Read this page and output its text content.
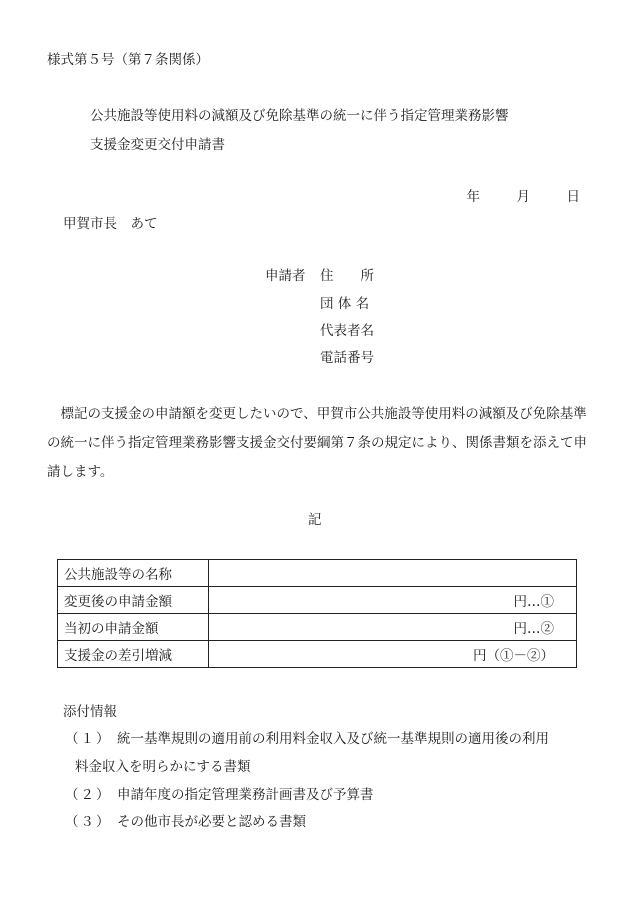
様式第５号（第７条関係）
公共施設等使用料の減額及び免除基準の統一に伴う指定管理業務影響
支援金変更交付申請書
年	月	日
甲賀市長　あて
申請者 住　　所
団 体 名
代表者名
電話番号
標記の支援金の申請額を変更したいので、甲賀市公共施設等使用料の減額及び免除基準の統一に伴う指定管理業務影響支援金交付要綱第７条の規定により、関係書類を添えて申請します。
記
公共施設等の名称	
変更後の申請金額	円…①
当初の申請金額	円…②
支援金の差引増減	円（①－②）
添付情報
（１） 統一基準規則の適用前の利用料金収入及び統一基準規則の適用後の利用
料金収入を明らかにする書類
（２） 申請年度の指定管理業務計画書及び予算書
（３） その他市長が必要と認める書類
